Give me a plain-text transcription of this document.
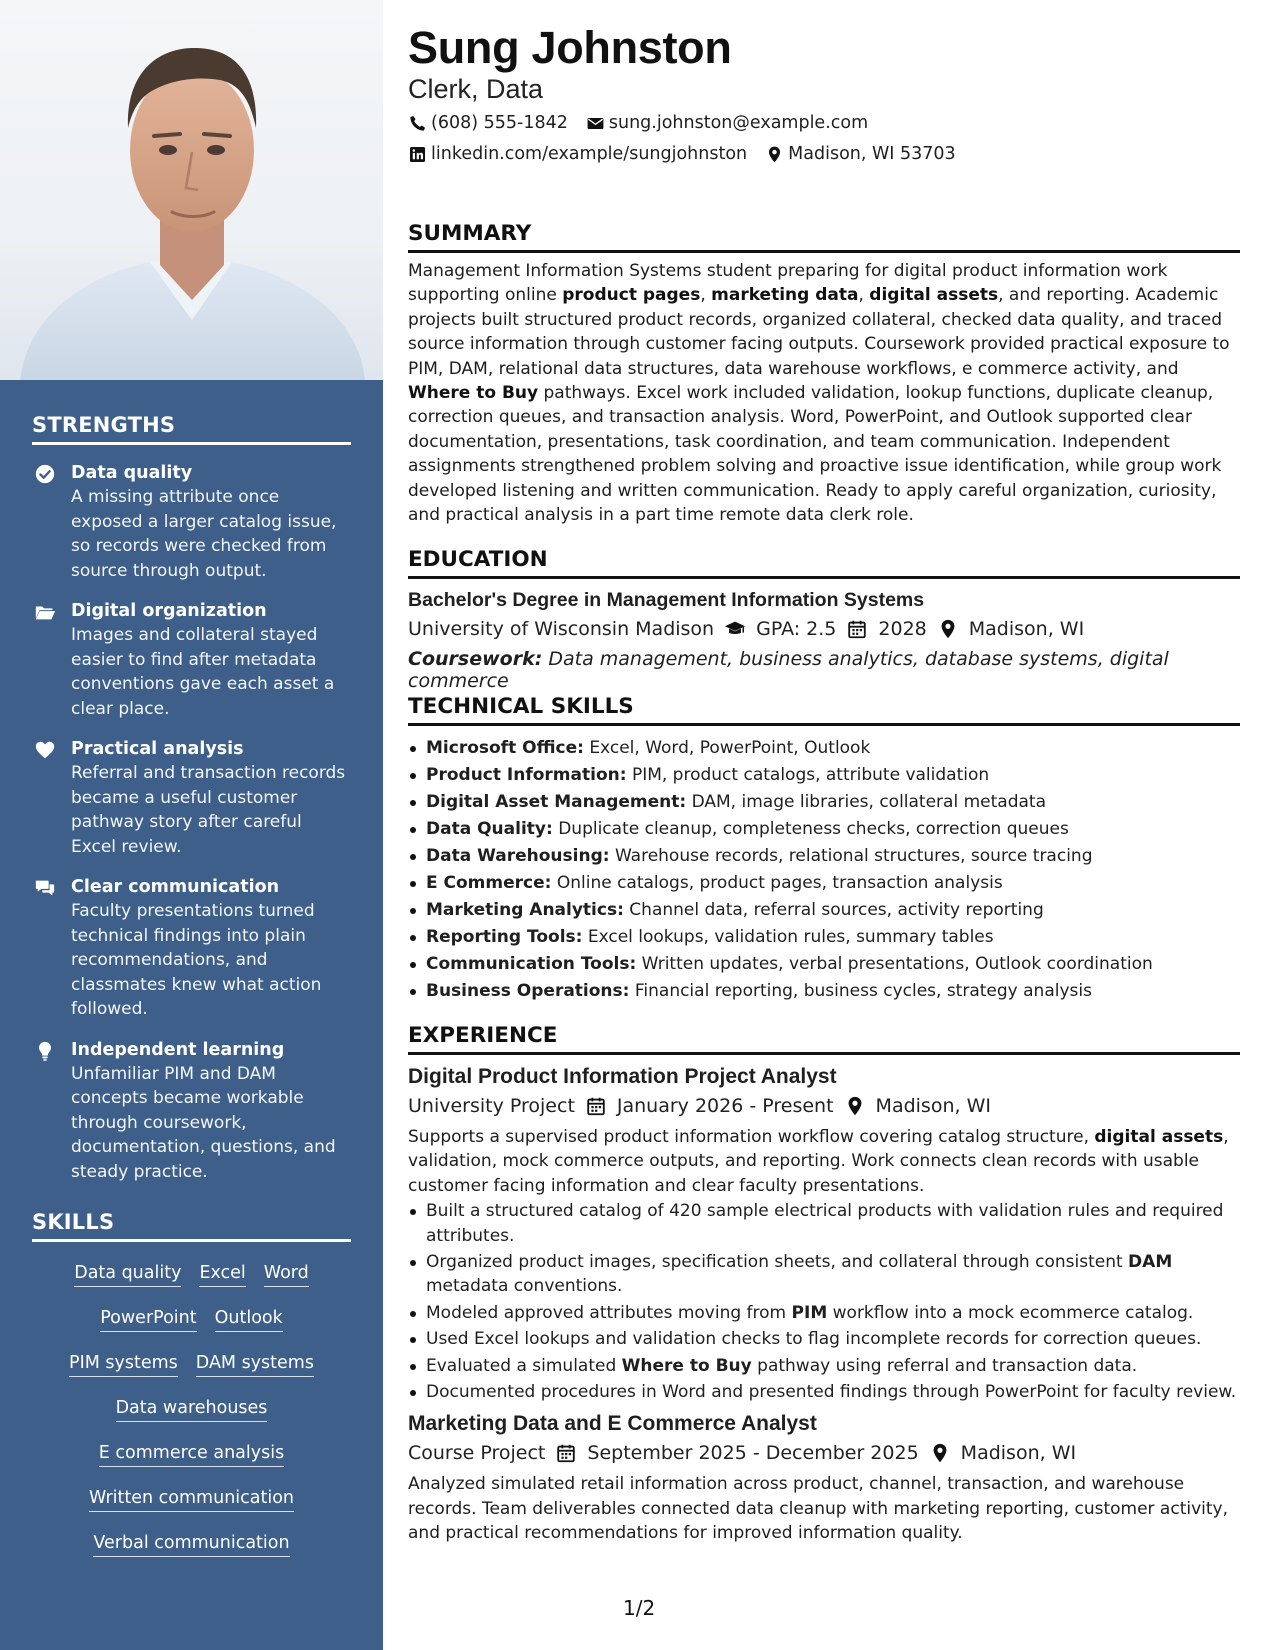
STRENGTHS
Data quality
A missing attribute once exposed a larger catalog issue, so records were checked from source through output.
Digital organization
Images and collateral stayed easier to find after metadata conventions gave each asset a clear place.
Practical analysis
Referral and transaction records became a useful customer pathway story after careful Excel review.
Clear communication
Faculty presentations turned technical findings into plain recommendations, and classmates knew what action followed.
Independent learning
Unfamiliar PIM and DAM concepts became workable through coursework, documentation, questions, and steady practice.
SKILLS
Data quality Excel Word
PowerPoint Outlook
PIM systems DAM systems
Data warehouses
E commerce analysis
Written communication
Verbal communication
Sung Johnston
Clerk, Data
(608) 555-1842 sung.johnston@example.com
linkedin.com/example/sungjohnston Madison, WI 53703
SUMMARY

Management Information Systems student preparing for digital product information work supporting online product pages, marketing data, digital assets, and reporting. Academic projects built structured product records, organized collateral, checked data quality, and traced source information through customer facing outputs. Coursework provided practical exposure to PIM, DAM, relational data structures, data warehouse workflows, e commerce activity, and Where to Buy pathways. Excel work included validation, lookup functions, duplicate cleanup, correction queues, and transaction analysis. Word, PowerPoint, and Outlook supported clear documentation, presentations, task coordination, and team communication. Independent assignments strengthened problem solving and proactive issue identification, while group work developed listening and written communication. Ready to apply careful organization, curiosity, and practical analysis in a part time remote data clerk role.

EDUCATION
Bachelor's Degree in Management Information Systems
University of Wisconsin Madison GPA: 2.5 2028 Madison, WI
Coursework: Data management, business analytics, database systems, digital commerce
TECHNICAL SKILLS
Microsoft Office: Excel, Word, PowerPoint, Outlook
Product Information: PIM, product catalogs, attribute validation
Digital Asset Management: DAM, image libraries, collateral metadata
Data Quality: Duplicate cleanup, completeness checks, correction queues
Data Warehousing: Warehouse records, relational structures, source tracing
E Commerce: Online catalogs, product pages, transaction analysis
Marketing Analytics: Channel data, referral sources, activity reporting
Reporting Tools: Excel lookups, validation rules, summary tables
Communication Tools: Written updates, verbal presentations, Outlook coordination
Business Operations: Financial reporting, business cycles, strategy analysis
EXPERIENCE
Digital Product Information Project Analyst
University Project January 2026 - Present Madison, WI

Supports a supervised product information workflow covering catalog structure, digital assets, validation, mock commerce outputs, and reporting. Work connects clean records with usable customer facing information and clear faculty presentations.

Built a structured catalog of 420 sample electrical products with validation rules and required attributes.
Organized product images, specification sheets, and collateral through consistent DAM metadata conventions.
Modeled approved attributes moving from PIM workflow into a mock ecommerce catalog.
Used Excel lookups and validation checks to flag incomplete records for correction queues.
Evaluated a simulated Where to Buy pathway using referral and transaction data.
Documented procedures in Word and presented findings through PowerPoint for faculty review.
Marketing Data and E Commerce Analyst
Course Project September 2025 - December 2025 Madison, WI

Analyzed simulated retail information across product, channel, transaction, and warehouse records. Team deliverables connected data cleanup with marketing reporting, customer activity, and practical recommendations for improved information quality.

1/2
